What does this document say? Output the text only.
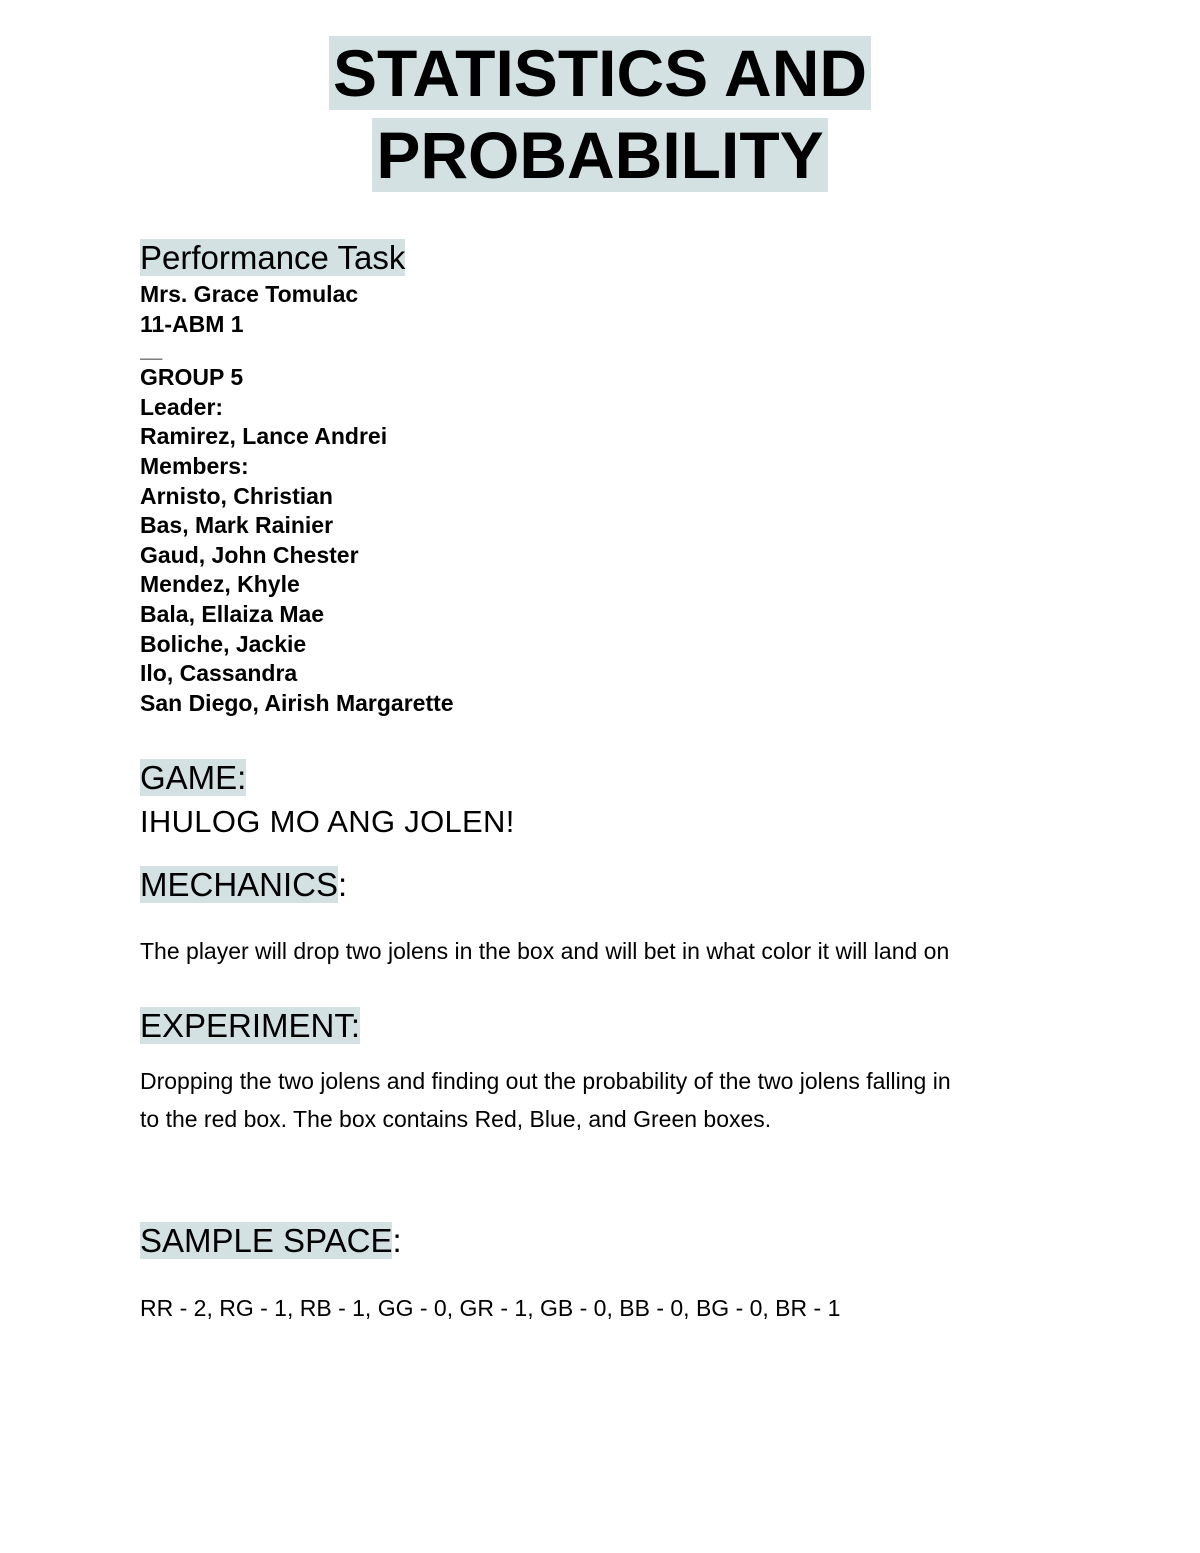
STATISTICS AND
PROBABILITY
Performance Task
Mrs. Grace Tomulac
11-ABM 1
__
GROUP 5
Leader:
Ramirez, Lance Andrei
Members:
Arnisto, Christian
Bas, Mark Rainier
Gaud, John Chester
Mendez, Khyle
Bala, Ellaiza Mae
Boliche, Jackie
Ilo, Cassandra
San Diego, Airish Margarette
GAME:

IHULOG MO ANG JOLEN!

MECHANICS:

The player will drop two jolens in the box and will bet in what color it will land on

EXPERIMENT:

Dropping the two jolens and finding out the probability of the two jolens falling in

to the red box. The box contains Red, Blue, and Green boxes.

SAMPLE SPACE:

RR - 2, RG - 1, RB - 1, GG - 0, GR - 1, GB - 0, BB - 0, BG - 0, BR - 1
